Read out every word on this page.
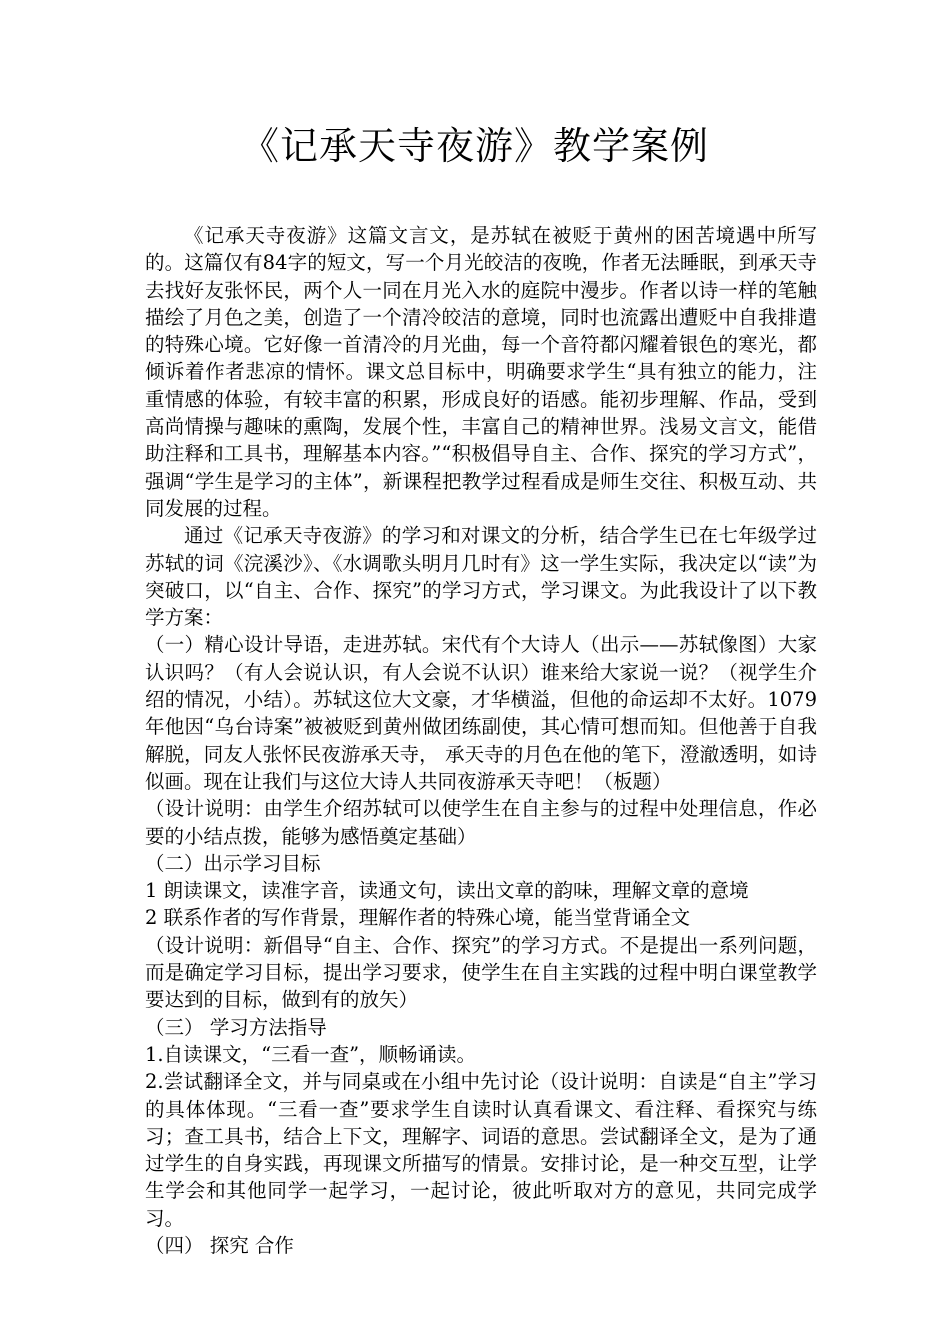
《记承天寺夜游》教学案例

《记承天寺夜游》这篇文言文，是苏轼在被贬于黄州的困苦境遇中所写的。这篇仅有84字的短文，写一个月光皎洁的夜晚，作者无法睡眠，到承天寺去找好友张怀民，两个人一同在月光入水的庭院中漫步。作者以诗一样的笔触描绘了月色之美，创造了一个清冷皎洁的意境，同时也流露出遭贬中自我排遣的特殊心境。它好像一首清冷的月光曲，每一个音符都闪耀着银色的寒光，都倾诉着作者悲凉的情怀。课文总目标中，明确要求学生“具有独立的能力，注重情感的体验，有较丰富的积累，形成良好的语感。能初步理解、作品，受到高尚情操与趣味的熏陶，发展个性，丰富自己的精神世界。浅易文言文，能借助注释和工具书，理解基本内容。”“积极倡导自主、合作、探究的学习方式”，强调“学生是学习的主体”，新课程把教学过程看成是师生交往、积极互动、共同发展的过程。

通过《记承天寺夜游》的学习和对课文的分析，结合学生已在七年级学过苏轼的词《浣溪沙》、《水调歌头明月几时有》这一学生实际，我决定以“读”为突破口，以“自主、合作、探究”的学习方式，学习课文。为此我设计了以下教学方案：

（一）精心设计导语，走进苏轼。宋代有个大诗人（出示——苏轼像图）大家认识吗？（有人会说认识，有人会说不认识）谁来给大家说一说？（视学生介绍的情况，小结）。苏轼这位大文豪，才华横溢，但他的命运却不太好。1079年他因“乌台诗案”被被贬到黄州做团练副使，其心情可想而知。但他善于自我解脱，同友人张怀民夜游承天寺， 承天寺的月色在他的笔下，澄澈透明，如诗似画。现在让我们与这位大诗人共同夜游承天寺吧！（板题）

（设计说明：由学生介绍苏轼可以使学生在自主参与的过程中处理信息，作必要的小结点拨，能够为感悟奠定基础）

（二）出示学习目标

1 朗读课文，读准字音，读通文句，读出文章的韵味，理解文章的意境

2 联系作者的写作背景，理解作者的特殊心境，能当堂背诵全文

（设计说明：新倡导“自主、合作、探究”的学习方式。不是提出一系列问题，而是确定学习目标，提出学习要求，使学生在自主实践的过程中明白课堂教学要达到的目标，做到有的放矢）

（三） 学习方法指导

1.自读课文，“三看一查”，顺畅诵读。

2.尝试翻译全文，并与同桌或在小组中先讨论（设计说明：自读是“自主”学习的具体体现。“三看一查”要求学生自读时认真看课文、看注释、看探究与练习；查工具书，结合上下文，理解字、词语的意思。尝试翻译全文，是为了通过学生的自身实践，再现课文所描写的情景。安排讨论，是一种交互型，让学生学会和其他同学一起学习，一起讨论，彼此听取对方的意见，共同完成学习。

（四） 探究 合作
